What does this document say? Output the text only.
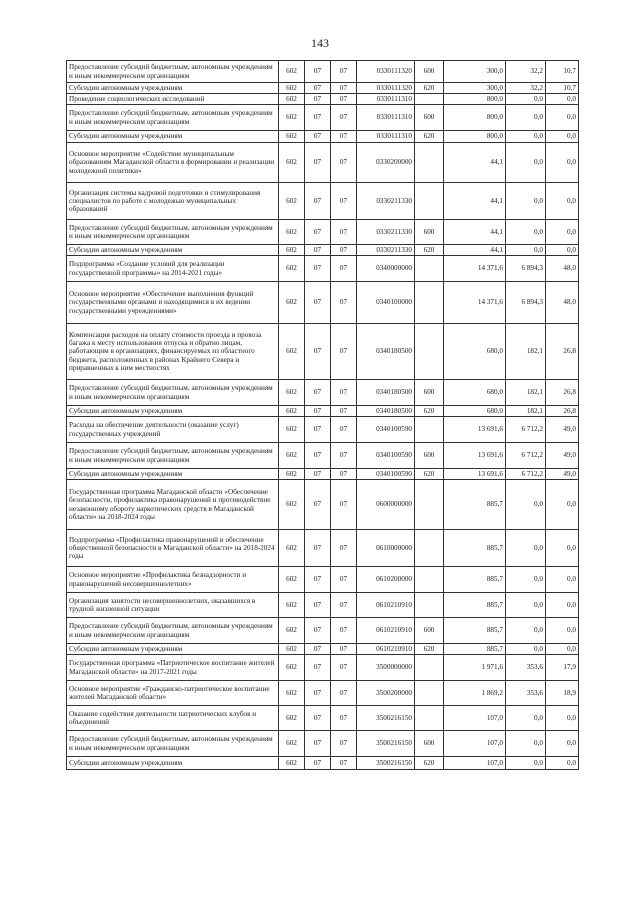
143
Предоставление субсидий бюджетным, автономным учреждениям и иным некоммерческим организациям	602	07	07	0330111320	600	300,0	32,2	10,7
Субсидии автономным учреждениям	602	07	07	0330111320	620	300,0	32,2	10,7
Проведение социологических исследований	602	07	07	0330111310		800,0	0,0	0,0
Предоставление субсидий бюджетным, автономным учреждениям и иным некоммерческим организациям	602	07	07	0330111310	600	800,0	0,0	0,0
Субсидии автономным учреждениям	602	07	07	0330111310	620	800,0	0,0	0,0
Основное мероприятие «Содействие муниципальным образованиям Магаданской области в формировании и реализации молодежной политики»	602	07	07	0330200000		44,1	0,0	0,0
Организация системы кадровой подготовки и стимулирования специалистов по работе с молодежью муниципальных образований	602	07	07	0330211330		44,1	0,0	0,0
Предоставление субсидий бюджетным, автономным учреждениям и иным некоммерческим организациям	602	07	07	0330211330	600	44,1	0,0	0,0
Субсидии автономным учреждениям	602	07	07	0330211330	620	44,1	0,0	0,0
Подпрограмма «Создание условий для реализации государственной программы» на 2014-2021 годы»	602	07	07	0340000000		14 371,6	6 894,3	48,0
Основное мероприятие «Обеспечение выполнения функций государственными органами и находящимися в их ведении государственными учреждениями»	602	07	07	0340100000		14 371,6	6 894,3	48,0
Компенсация расходов на оплату стоимости проезда и провоза багажа к месту использования отпуска и обратно лицам, работающим в организациях, финансируемых из областного бюджета, расположенных в районах Крайнего Севера и приравненных к ним местностях	602	07	07	0340180500		680,0	182,1	26,8
Предоставление субсидий бюджетным, автономным учреждениям и иным некоммерческим организациям	602	07	07	0340180500	600	680,0	182,1	26,8
Субсидии автономным учреждениям	602	07	07	0340180500	620	680,0	182,1	26,8
Расходы на обеспечение деятельности (оказание услуг) государственных учреждений	602	07	07	0340100590		13 691,6	6 712,2	49,0
Предоставление субсидий бюджетным, автономным учреждениям и иным некоммерческим организациям	602	07	07	0340100590	600	13 691,6	6 712,2	49,0
Субсидии автономным учреждениям	602	07	07	0340100590	620	13 691,6	6 712,2	49,0
Государственная программа Магаданской области «Обеспечение безопасности, профилактика правонарушений и противодействие незаконному обороту наркотических средств в Магаданской области» на 2018-2024 годы	602	07	07	0600000000		885,7	0,0	0,0
Подпрограмма «Профилактика правонарушений и обеспечение общественной безопасности в Магаданской области» на 2018-2024 годы	602	07	07	0610000000		885,7	0,0	0,0
Основное мероприятие «Профилактика безнадзорности и правонарушений несовершеннолетних»	602	07	07	0610200000		885,7	0,0	0,0
Организация занятости несовершеннолетних, оказавшихся в трудной жизненной ситуации	602	07	07	0610210910		885,7	0,0	0,0
Предоставление субсидий бюджетным, автономным учреждениям и иным некоммерческим организациям	602	07	07	0610210910	600	885,7	0,0	0,0
Субсидии автономным учреждениям	602	07	07	0610210910	620	885,7	0,0	0,0
Государственная программа «Патриотическое воспитание жителей Магаданской области» на 2017-2021 годы	602	07	07	3500000000		1 971,6	353,6	17,9
Основное мероприятие «Гражданско-патриотическое воспитание жителей Магаданской области»	602	07	07	3500200000		1 869,2	353,6	18,9
Оказание содействия деятельности патриотических клубов и объединений	602	07	07	3500216150		107,0	0,0	0,0
Предоставление субсидий бюджетным, автономным учреждениям и иным некоммерческим организациям	602	07	07	3500216150	600	107,0	0,0	0,0
Субсидии автономным учреждениям	602	07	07	3500216150	620	107,0	0,0	0,0
